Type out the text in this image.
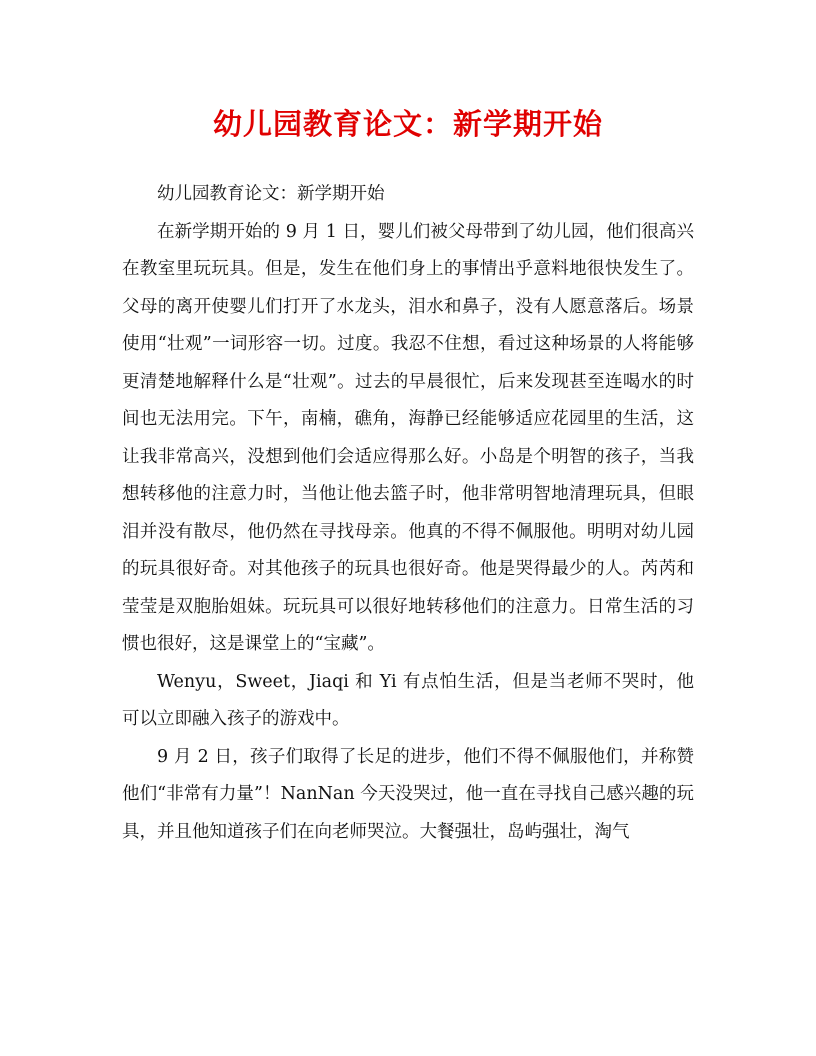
幼儿园教育论文：新学期开始

幼儿园教育论文：新学期开始

在新学期开始的 9 月 1 日，婴儿们被父母带到了幼儿园，他们很高兴在教室里玩玩具。但是，发生在他们身上的事情出乎意料地很快发生了。父母的离开使婴儿们打开了水龙头，泪水和鼻子，没有人愿意落后。场景使用“壮观”一词形容一切。过度。我忍不住想，看过这种场景的人将能够更清楚地解释什么是“壮观”。过去的早晨很忙，后来发现甚至连喝水的时间也无法用完。下午，南楠，礁角，海静已经能够适应花园里的生活，这让我非常高兴，没想到他们会适应得那么好。小岛是个明智的孩子，当我想转移他的注意力时，当他让他去篮子时，他非常明智地清理玩具，但眼泪并没有散尽，他仍然在寻找母亲。他真的不得不佩服他。明明对幼儿园的玩具很好奇。对其他孩子的玩具也很好奇。他是哭得最少的人。芮芮和莹莹是双胞胎姐妹。玩玩具可以很好地转移他们的注意力。日常生活的习惯也很好，这是课堂上的“宝藏”。

Wenyu，Sweet，Jiaqi 和 Yi 有点怕生活，但是当老师不哭时，他可以立即融入孩子的游戏中。

9 月 2 日，孩子们取得了长足的进步，他们不得不佩服他们，并称赞他们“非常有力量”！NanNan 今天没哭过，他一直在寻找自己感兴趣的玩具，并且他知道孩子们在向老师哭泣。大餐强壮，岛屿强壮，淘气
